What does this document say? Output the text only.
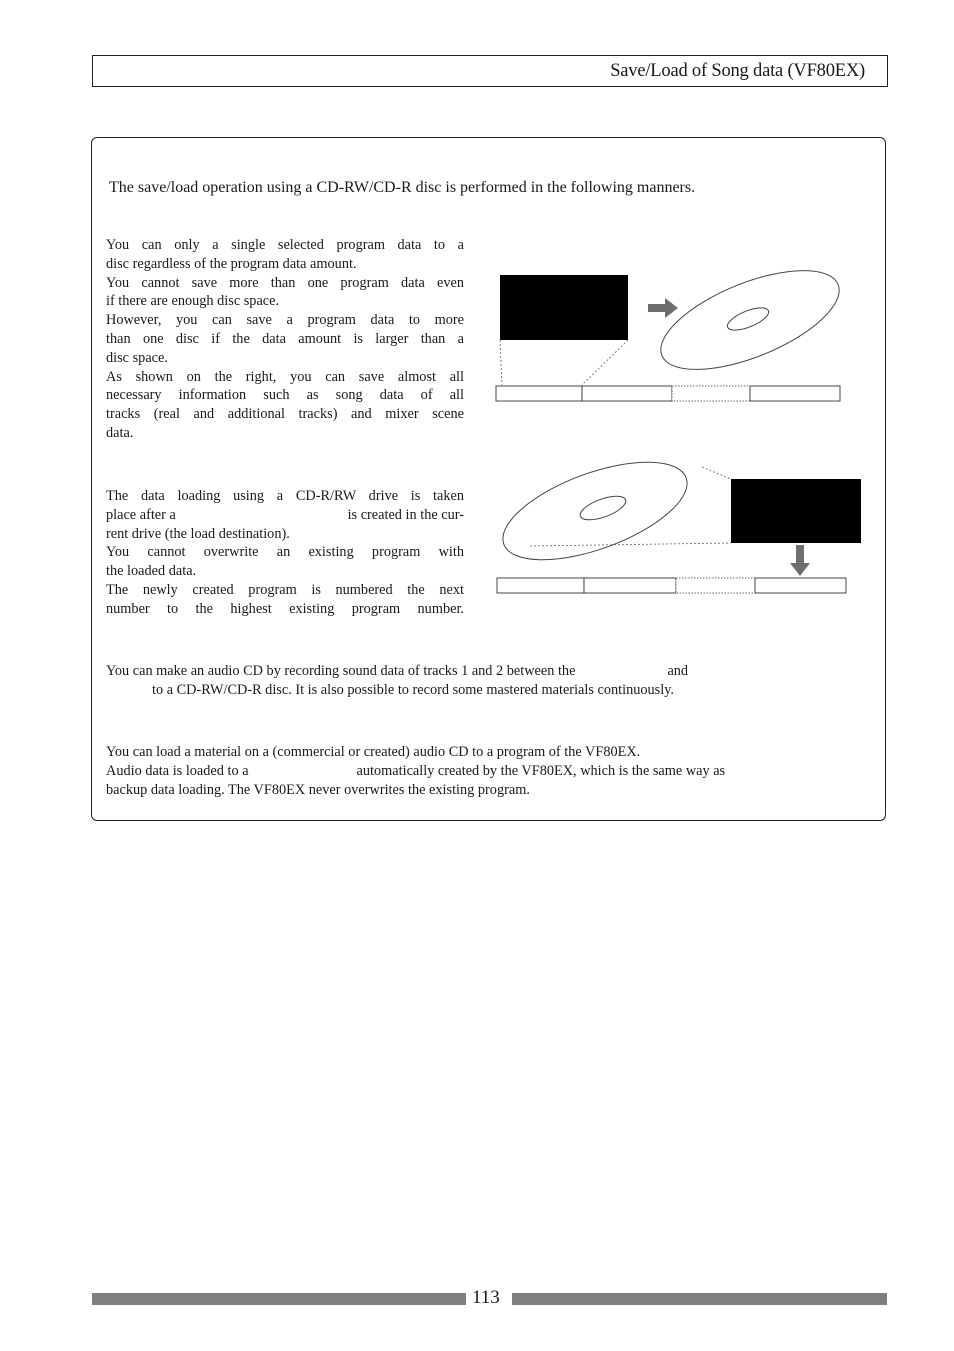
Save/Load of Song data (VF80EX)
The save/load operation using a CD-RW/CD-R disc is performed in the following manners.
You can only a single selected program data to a
disc regardless of the program data amount.
You cannot save more than one program data even
if there are enough disc space.
However, you can save a program data to more
than one disc if the data amount is larger than a
disc space.
As shown on the right, you can save almost all
necessary information such as song data of all
tracks (real and additional tracks) and mixer scene
data.
The data loading using a CD-R/RW drive is taken
place after a	is created in the cur-
rent drive (the load destination).
You cannot overwrite an existing program with
the loaded data.
The newly created program is numbered the next
number to the highest existing program number.
You can make an audio CD by recording sound data of tracks 1 and 2 between the	and
to a CD-RW/CD-R disc. It is also possible to record some mastered materials continuously.
You can load a material on a (commercial or created) audio CD to a program of the VF80EX.
Audio data is loaded to a	automatically created by the VF80EX, which is the same way as
backup data loading. The VF80EX never overwrites the existing program.
113
